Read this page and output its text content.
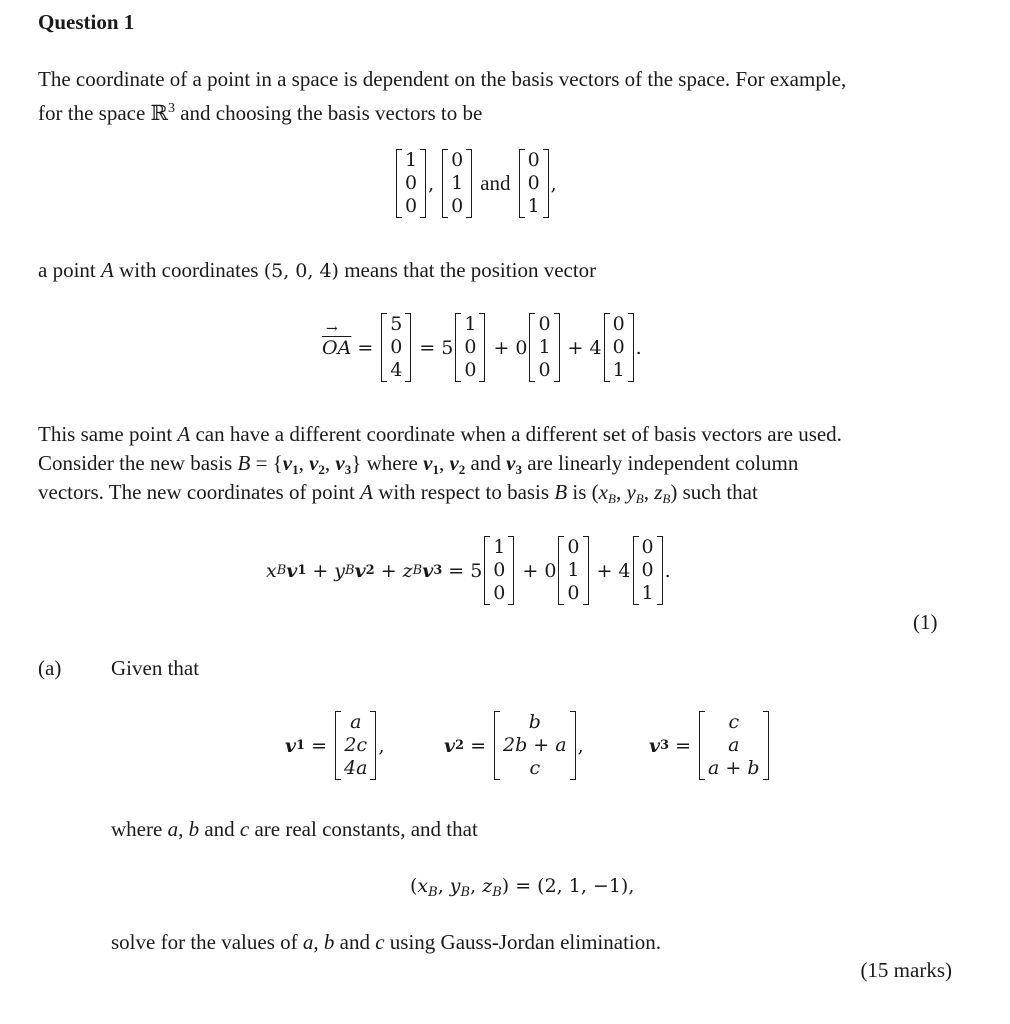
Question 1
The coordinate of a point in a space is dependent on the basis vectors of the space. For example,
for the space ℝ$^3$ and choosing the basis vectors to be
1
0
0
,
0
1
0
and
0
0
1
,
a point A with coordinates (5, 0, 4) means that the position vector
$\overline{OA}$ → =
5
0
4
= 5
1
0
0
+ 0
0
1
0
+ 4
0
0
1
.
This same point A can have a different coordinate when a different set of basis vectors are used.
Consider the new basis B = {v1, v2, v3} where v1, v2 and v3 are linearly independent column
vectors. The new coordinates of point A with respect to basis B is ($x_B$, $y_B$, $z_B$) such that
x B v 1 + y B v 2 + z B v 3 = 5
1
0
0
+ 0
0
1
0
+ 4
0
0
1
.
(1)
(a) Given that
v 1 =
a
2c
4a
,	v 2 =
b
2b + a
c
,	v 3 =
c
a
a + b
where a, b and c are real constants, and that
($x_B$, $y_B$, $z_B) = (2$, 1, −1),
solve for the values of a, b and c using Gauss-Jordan elimination.
(15 marks)
